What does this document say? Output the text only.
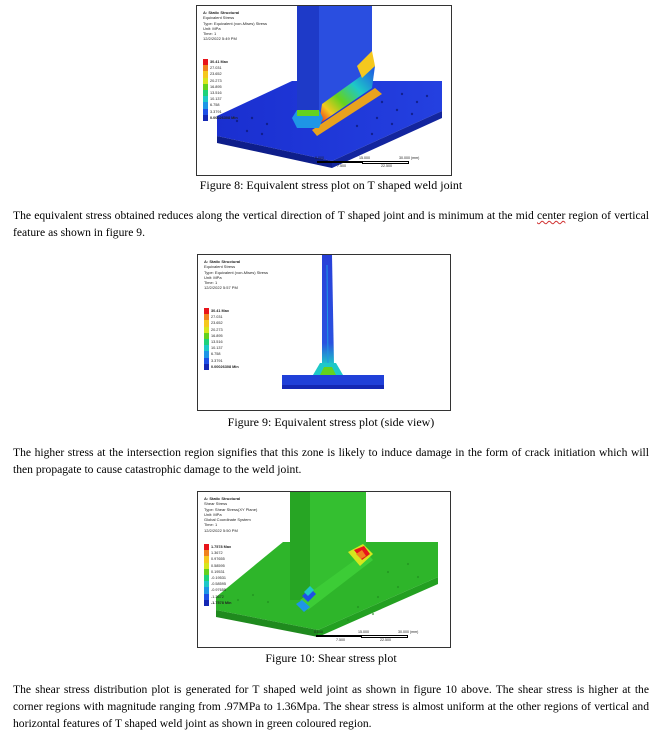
A: Static Structural
Equivalent Stress
Type: Equivalent (von-Mises) Stress
Unit: MPa
Time: 1
12/2/2022 5:49 PM
30.41 Max
27.031
23.652
20.273
16.895
13.516
10.137
6.758
3.3791
0.00026308 Min
0.000	15.000	30.000 (mm)
7.500	22.500
Figure 8: Equivalent stress plot on T shaped weld joint
The equivalent stress obtained reduces along the vertical direction of T shaped joint and is minimum at the mid center region of vertical feature as shown in figure 9.
A: Static Structural
Equivalent Stress
Type: Equivalent (von-Mises) Stress
Unit: MPa
Time: 1
12/2/2022 5:57 PM
30.41 Max
27.031
23.652
20.273
16.895
13.516
10.137
6.758
3.3791
0.00026308 Min
Figure 9: Equivalent stress plot (side view)
The higher stress at the intersection region signifies that this zone is likely to induce damage in the form of crack initiation which will then propagate to cause catastrophic damage to the weld joint.
A: Static Structural
Shear Stress
Type: Shear Stress(XY Plane)
Unit: MPa
Global Coordinate System
Time: 1
12/2/2022 5:50 PM
1.7578 Max
1.3672
0.97655
0.58595
0.19531
-0.19531
-0.58595
-0.97655
-1.3672
-1.7578 Min
0.000	15.000	30.000 (mm)
7.500	22.500
Figure 10: Shear stress plot
The shear stress distribution plot is generated for T shaped weld joint as shown in figure 10 above. The shear stress is higher at the corner regions with magnitude ranging from .97MPa to 1.36Mpa. The shear stress is almost uniform at the other regions of vertical and horizontal features of T shaped weld joint as shown in green coloured region.
